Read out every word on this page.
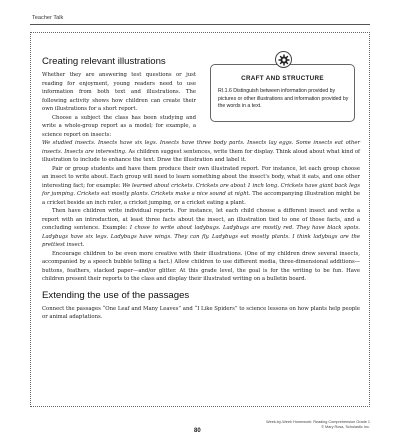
Teacher Talk
CRAFT AND STRUCTURE
RI.1.6 Distinguish between information provided by pictures or other illustrations and information provided by the words in a text.
Creating relevant illustrations

Whether they are answering test questions or just reading for enjoyment, young readers need to use information from both text and illustrations. The following activity shows how children can create their own illustrations for a short report.

Choose a subject the class has been studying and write a whole-group report as a model; for example, a science report on insects:
We studied insects. Insects have six legs. Insects have three body parts. Insects lay eggs. Some insects eat other insects. Insects are interesting. As children suggest sentences, write them for display. Think aloud about what kind of illustration to include to enhance the text. Draw the illustration and label it.

Pair or group students and have them produce their own illustrated report. For instance, let each group choose an insect to write about. Each group will need to learn something about the insect's body, what it eats, and one other interesting fact; for example: We learned about crickets. Crickets are about 1 inch long. Crickets have giant back legs for jumping. Crickets eat mostly plants. Crickets make a nice sound at night. The accompanying illustration might be a cricket beside an inch ruler, a cricket jumping, or a cricket eating a plant.

Then have children write individual reports. For instance, let each child choose a different insect and write a report with an introduction, at least three facts about the insect, an illustration tied to one of those facts, and a concluding sentence. Example: I chose to write about ladybugs. Ladybugs are mostly red. They have black spots. Ladybugs have six legs. Ladybugs have wings. They can fly. Ladybugs eat mostly plants. I think ladybugs are the prettiest insect.

Encourage children to be even more creative with their illustrations. (One of my children drew several insects, accompanied by a speech bubble telling a fact.) Allow children to use different media, three-dimensional additions—buttons, feathers, stacked paper—and/or glitter. At this grade level, the goal is for the writing to be fun. Have children present their reports to the class and display their illustrated writing on a bulletin board.

Extending the use of the passages

Connect the passages “One Leaf and Many Leaves” and “I Like Spiders” to science lessons on how plants help people or animal adaptations.

80
Week-by-Week Homework: Reading Comprehension Grade 1
© Mary Rosa, Scholastic Inc.
